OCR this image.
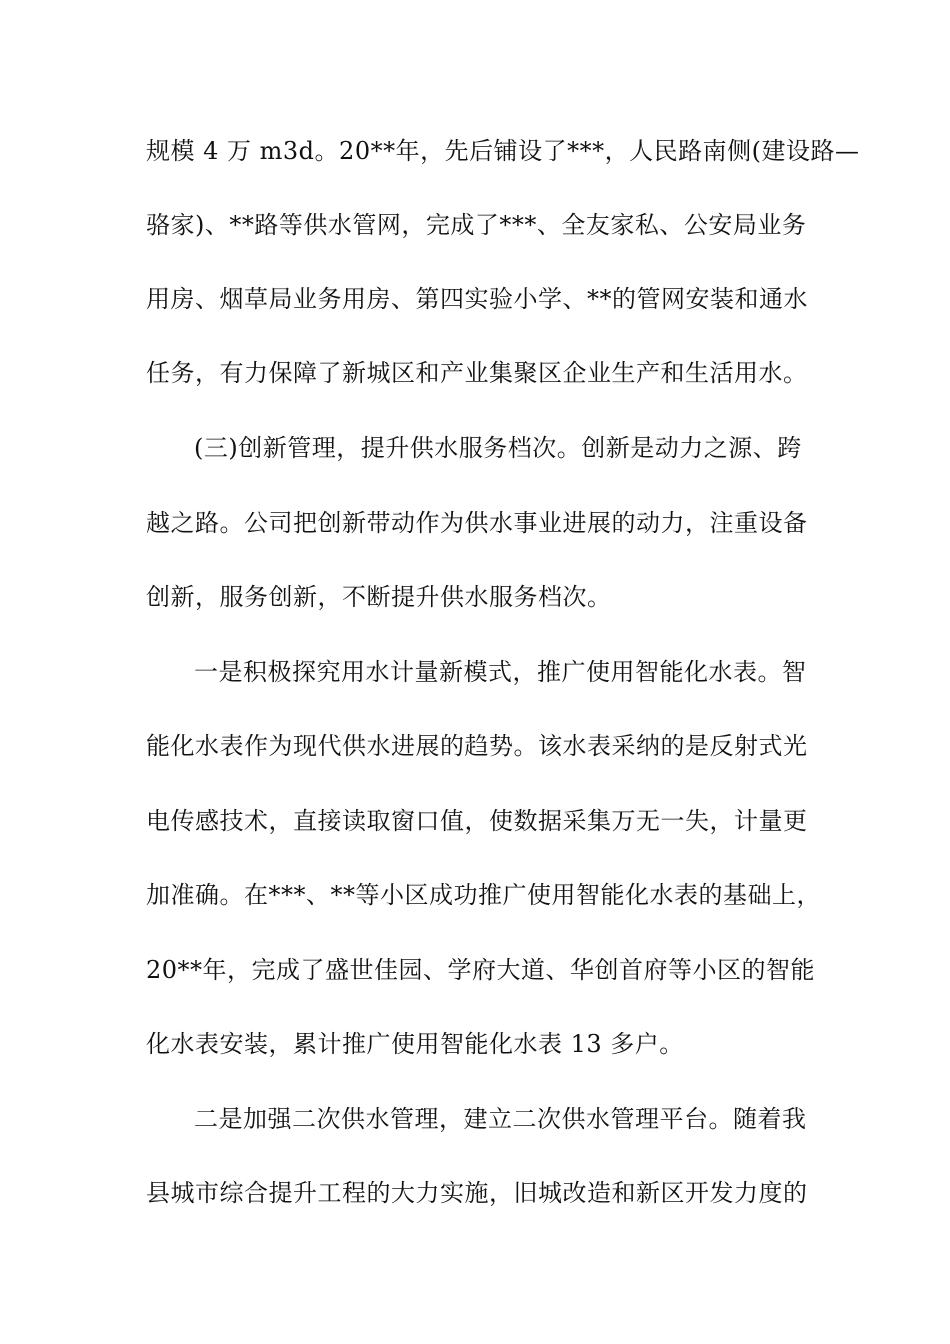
规模 4 万 m3d。20**年，先后铺设了***，人民路南侧(建设路—
骆家)、**路等供水管网，完成了***、全友家私、公安局业务
用房、烟草局业务用房、第四实验小学、**的管网安装和通水
任务，有力保障了新城区和产业集聚区企业生产和生活用水。
(三)创新管理，提升供水服务档次。创新是动力之源、跨
越之路。公司把创新带动作为供水事业进展的动力，注重设备
创新，服务创新，不断提升供水服务档次。
一是积极探究用水计量新模式，推广使用智能化水表。智
能化水表作为现代供水进展的趋势。该水表采纳的是反射式光
电传感技术，直接读取窗口值，使数据采集万无一失，计量更
加准确。在***、**等小区成功推广使用智能化水表的基础上，
20**年，完成了盛世佳园、学府大道、华创首府等小区的智能
化水表安装，累计推广使用智能化水表 13 多户。
二是加强二次供水管理，建立二次供水管理平台。随着我
县城市综合提升工程的大力实施，旧城改造和新区开发力度的
